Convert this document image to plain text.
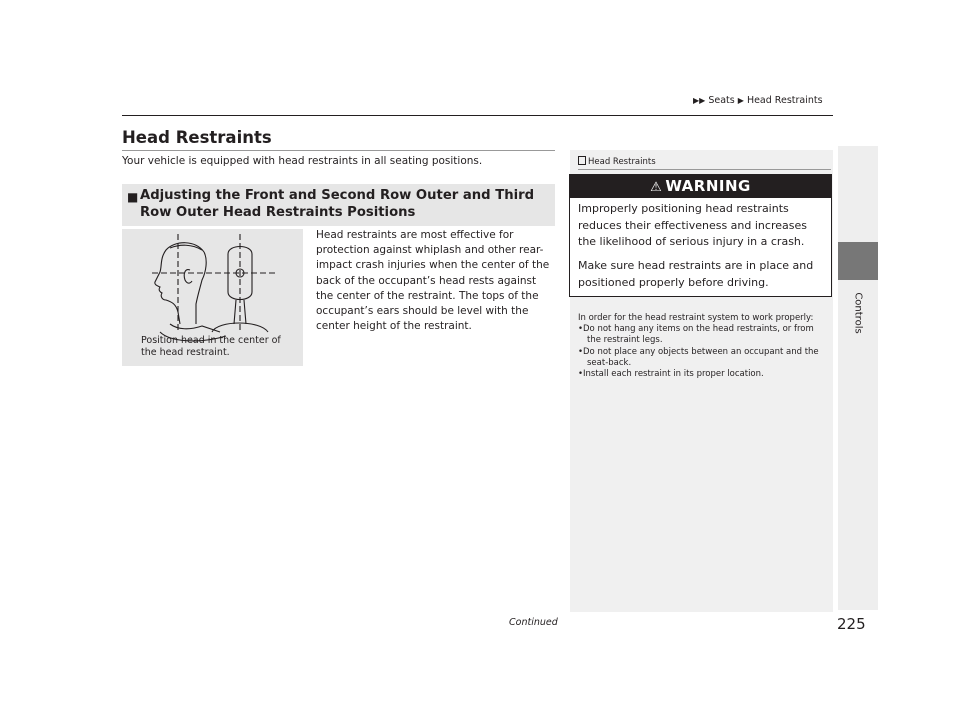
▶▶ Seats ▶ Head Restraints
Controls
Head Restraints
Your vehicle is equipped with head restraints in all seating positions.
■ Adjusting the Front and Second Row Outer and Third Row Outer Head Restraints Positions
Head restraints are most effective for protection against whiplash and other rear-impact crash injuries when the center of the back of the occupant’s head rests against the center of the restraint. The tops of the occupant’s ears should be level with the center height of the restraint.
Position head in the center of the head restraint.
Head Restraints
⚠ WARNING
Improperly positioning head restraints reduces their effectiveness and increases the likelihood of serious injury in a crash.
Make sure head restraints are in place and positioned properly before driving.
In order for the head restraint system to work properly:
•Do not hang any items on the head restraints, or from the restraint legs.
•Do not place any objects between an occupant and the seat-back.
•Install each restraint in its proper location.
Continued	225
